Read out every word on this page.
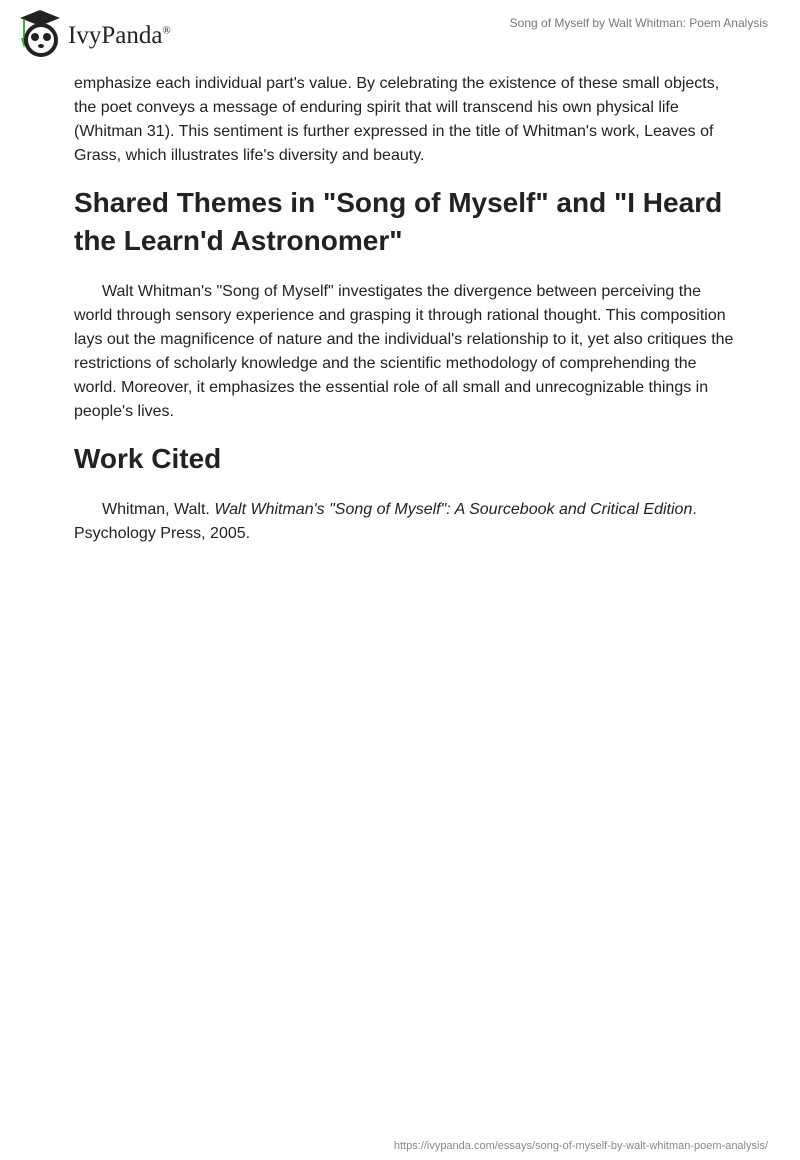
IvyPanda®
Song of Myself by Walt Whitman: Poem Analysis

emphasize each individual part's value. By celebrating the existence of these small objects, the poet conveys a message of enduring spirit that will transcend his own physical life (Whitman 31). This sentiment is further expressed in the title of Whitman's work, Leaves of Grass, which illustrates life's diversity and beauty.

Shared Themes in "Song of Myself" and "I Heard the Learn'd Astronomer"

Walt Whitman's "Song of Myself" investigates the divergence between perceiving the world through sensory experience and grasping it through rational thought. This composition lays out the magnificence of nature and the individual's relationship to it, yet also critiques the restrictions of scholarly knowledge and the scientific methodology of comprehending the world. Moreover, it emphasizes the essential role of all small and unrecognizable things in people's lives.

Work Cited

Whitman, Walt. Walt Whitman's "Song of Myself": A Sourcebook and Critical Edition. Psychology Press, 2005.

https://ivypanda.com/essays/song-of-myself-by-walt-whitman-poem-analysis/
